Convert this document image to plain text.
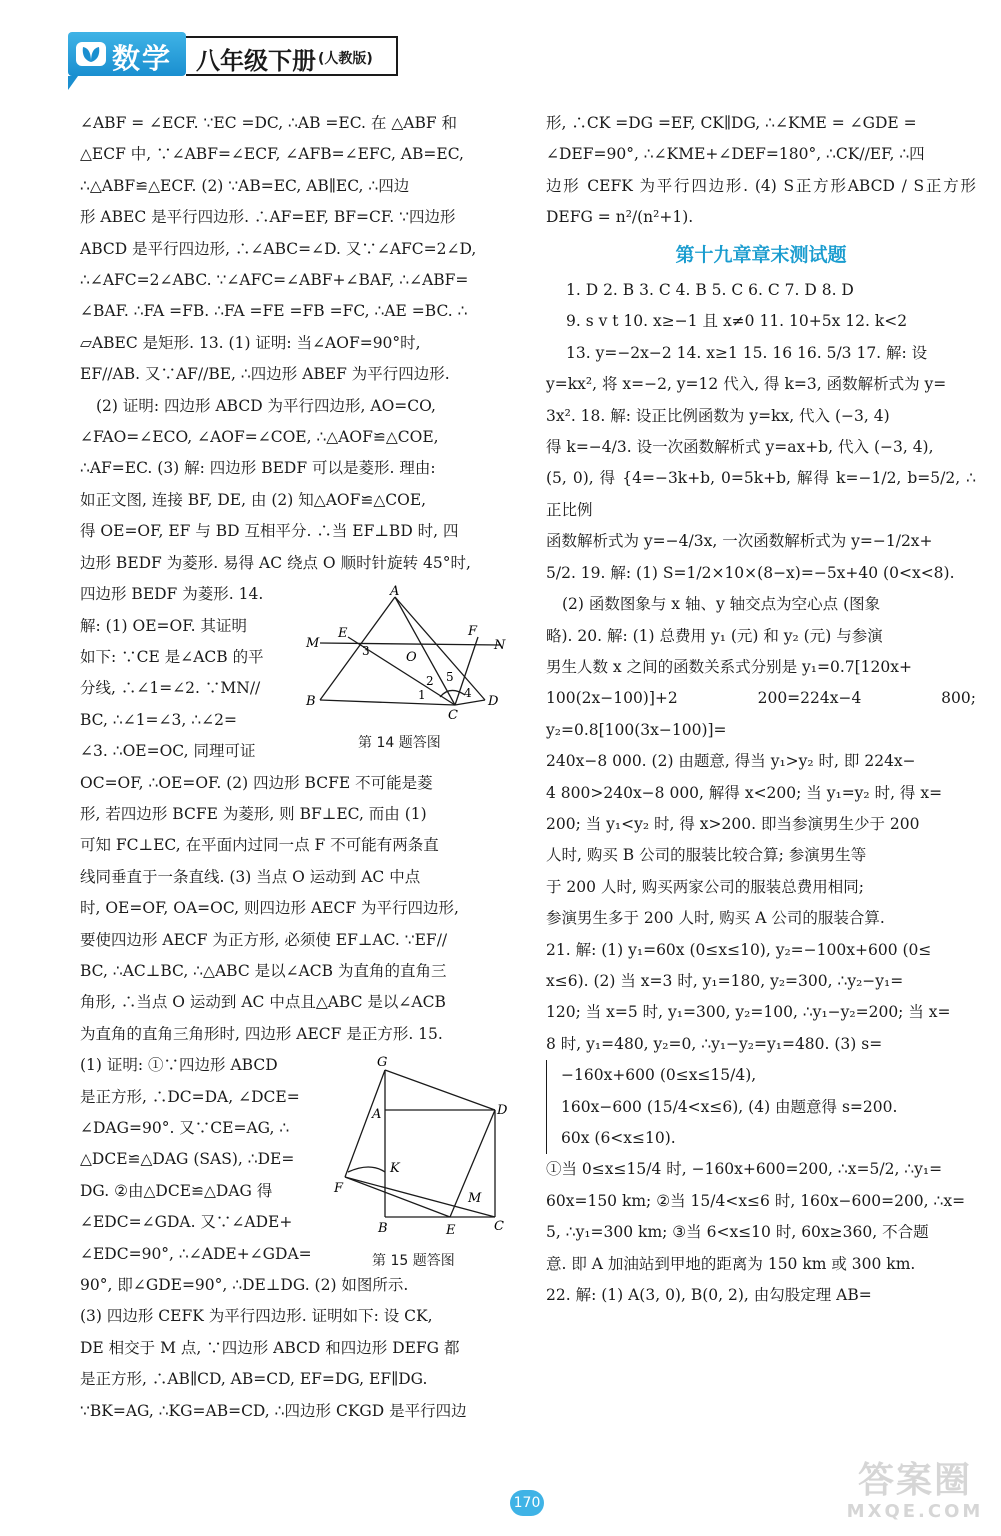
数学 八年级下册 (人教版)

∠ABF = ∠ECF. ∵EC =DC, ∴AB =EC. 在 △ABF 和

△ECF 中, ∵∠ABF=∠ECF, ∠AFB=∠EFC, AB=EC,

∴△ABF≌△ECF. (2) ∵AB=EC, AB∥EC, ∴四边

形 ABEC 是平行四边形. ∴AF=EF, BF=CF. ∵四边形

ABCD 是平行四边形, ∴∠ABC=∠D. 又∵∠AFC=2∠D,

∴∠AFC=2∠ABC. ∵∠AFC=∠ABF+∠BAF, ∴∠ABF=

∠BAF. ∴FA =FB. ∴FA =FE =FB =FC, ∴AE =BC. ∴

▱ABEC 是矩形. 13. (1) 证明: 当∠AOF=90°时,

EF//AB. 又∵AF//BE, ∴四边形 ABEF 为平行四边形.

(2) 证明: 四边形 ABCD 为平行四边形, AO=CO,

∠FAO=∠ECO, ∠AOF=∠COE, ∴△AOF≌△COE,

∴AF=EC. (3) 解: 四边形 BEDF 可以是菱形. 理由:

如正文图, 连接 BF, DE, 由 (2) 知△AOF≌△COE,

得 OE=OF, EF 与 BD 互相平分. ∴当 EF⊥BD 时, 四

边形 BEDF 为菱形. 易得 AC 绕点 O 顺时针旋转 45°时,

四边形 BEDF 为菱形. 14.

解: (1) OE=OF. 其证明

如下: ∵CE 是∠ACB 的平

分线, ∴∠1=∠2. ∵MN//

BC, ∴∠1=∠3, ∴∠2=

∠3. ∴OE=OC, 同理可证

OC=OF, ∴OE=OF. (2) 四边形 BCFE 不可能是菱

形, 若四边形 BCFE 为菱形, 则 BF⊥EC, 而由 (1)

可知 FC⊥EC, 在平面内过同一点 F 不可能有两条直

线同垂直于一条直线. (3) 当点 O 运动到 AC 中点

时, OE=OF, OA=OC, 则四边形 AECF 为平行四边形,

要使四边形 AECF 为正方形, 必须使 EF⊥AC. ∵EF//

BC, ∴AC⊥BC, ∴△ABC 是以∠ACB 为直角的直角三

角形, ∴当点 O 运动到 AC 中点且△ABC 是以∠ACB

为直角的直角三角形时, 四边形 AECF 是正方形. 15.

(1) 证明: ①∵四边形 ABCD

是正方形, ∴DC=DA, ∠DCE=

∠DAG=90°. 又∵CE=AG, ∴

△DCE≌△DAG (SAS), ∴DE=

DG. ②由△DCE≌△DAG 得

∠EDC=∠GDA. 又∵∠ADE+

∠EDC=90°, ∴∠ADE+∠GDA=

90°, 即∠GDE=90°, ∴DE⊥DG. (2) 如图所示.

(3) 四边形 CEFK 为平行四边形. 证明如下: 设 CK,

DE 相交于 M 点, ∵四边形 ABCD 和四边形 DEFG 都

是正方形, ∴AB∥CD, AB=CD, EF=DG, EF∥DG.

∵BK=AG, ∴KG=AB=CD, ∴四边形 CKGD 是平行四边

A
M
E
3	O
F
N
2 5
1	4
B
C
D
第 14 题答图
G
A	D
K
F
M
B	E	C
第 15 题答图

形, ∴CK =DG =EF, CK∥DG, ∴∠KME = ∠GDE =

∠DEF=90°, ∴∠KME+∠DEF=180°, ∴CK//EF, ∴四

边形 CEFK 为平行四边形. (4) S正方形ABCD / S正方形DEFG = n²/(n²+1).

第十九章章末测试题

1. D 2. B 3. C 4. B 5. C 6. C 7. D 8. D

9. s v t 10. x≥−1 且 x≠0 11. 10+5x 12. k<2

13. y=−2x−2 14. x≥1 15. 16 16. 5/3 17. 解: 设

y=kx², 将 x=−2, y=12 代入, 得 k=3, 函数解析式为 y=

3x². 18. 解: 设正比例函数为 y=kx, 代入 (−3, 4)

得 k=−4/3. 设一次函数解析式 y=ax+b, 代入 (−3, 4),

(5, 0), 得 {4=−3k+b, 0=5k+b, 解得 k=−1/2, b=5/2, ∴正比例

函数解析式为 y=−4/3x, 一次函数解析式为 y=−1/2x+

5/2. 19. 解: (1) S=1/2×10×(8−x)=−5x+40 (0<x<8).

(2) 函数图象与 x 轴、y 轴交点为空心点 (图象

略). 20. 解: (1) 总费用 y₁ (元) 和 y₂ (元) 与参演

男生人数 x 之间的函数关系式分别是 y₁=0.7[120x+

100(2x−100)]+2 200=224x−4 800; y₂=0.8[100(3x−100)]=

240x−8 000. (2) 由题意, 得当 y₁>y₂ 时, 即 224x−

4 800>240x−8 000, 解得 x<200; 当 y₁=y₂ 时, 得 x=

200; 当 y₁<y₂ 时, 得 x>200. 即当参演男生少于 200

人时, 购买 B 公司的服装比较合算; 参演男生等

于 200 人时, 购买两家公司的服装总费用相同;

参演男生多于 200 人时, 购买 A 公司的服装合算.

21. 解: (1) y₁=60x (0≤x≤10), y₂=−100x+600 (0≤

x≤6). (2) 当 x=3 时, y₁=180, y₂=300, ∴y₂−y₁=

120; 当 x=5 时, y₁=300, y₂=100, ∴y₁−y₂=200; 当 x=

8 时, y₁=480, y₂=0, ∴y₁−y₂=y₁=480. (3) s=

−160x+600 (0≤x≤15/4),

160x−600 (15/4<x≤6), (4) 由题意得 s=200.

60x (6<x≤10).

①当 0≤x≤15/4 时, −160x+600=200, ∴x=5/2, ∴y₁=

60x=150 km; ②当 15/4<x≤6 时, 160x−600=200, ∴x=

5, ∴y₁=300 km; ③当 6<x≤10 时, 60x≥360, 不合题

意. 即 A 加油站到甲地的距离为 150 km 或 300 km.

22. 解: (1) A(3, 0), B(0, 2), 由勾股定理 AB=

170
答案圈
MXQE.COM
